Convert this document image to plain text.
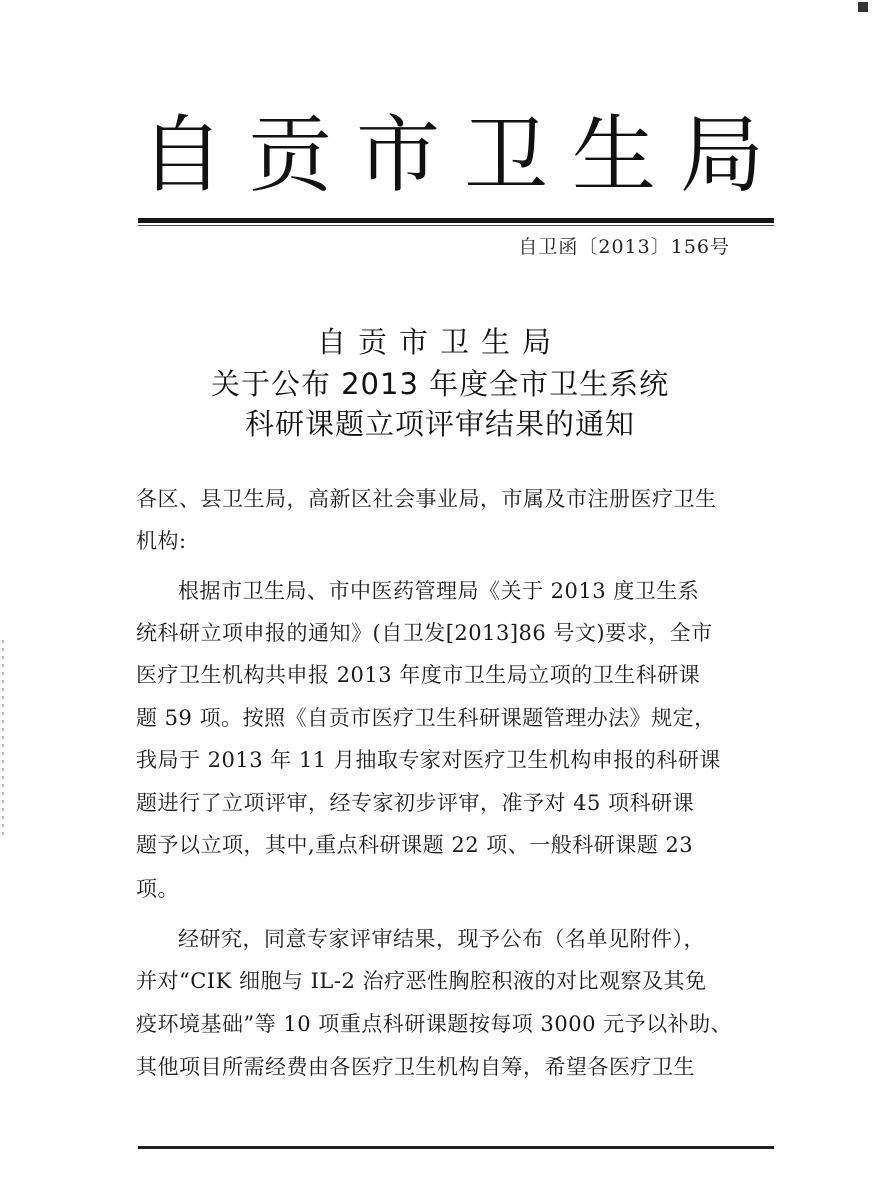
自贡市卫生局
自卫函〔2013〕156号
自贡市卫生局
关于公布 2013 年度全市卫生系统
科研课题立项评审结果的通知
各区、县卫生局，高新区社会事业局，市属及市注册医疗卫生
机构:
根据市卫生局、市中医药管理局《关于 2013 度卫生系
统科研立项申报的通知》(自卫发[2013]86 号文)要求，全市
医疗卫生机构共申报 2013 年度市卫生局立项的卫生科研课
题 59 项。按照《自贡市医疗卫生科研课题管理办法》规定，
我局于 2013 年 11 月抽取专家对医疗卫生机构申报的科研课
题进行了立项评审，经专家初步评审，准予对 45 项科研课
题予以立项，其中,重点科研课题 22 项、一般科研课题 23
项。
经研究，同意专家评审结果，现予公布（名单见附件），
并对“CIK 细胞与 IL-2 治疗恶性胸腔积液的对比观察及其免
疫环境基础”等 10 项重点科研课题按每项 3000 元予以补助、
其他项目所需经费由各医疗卫生机构自筹，希望各医疗卫生
